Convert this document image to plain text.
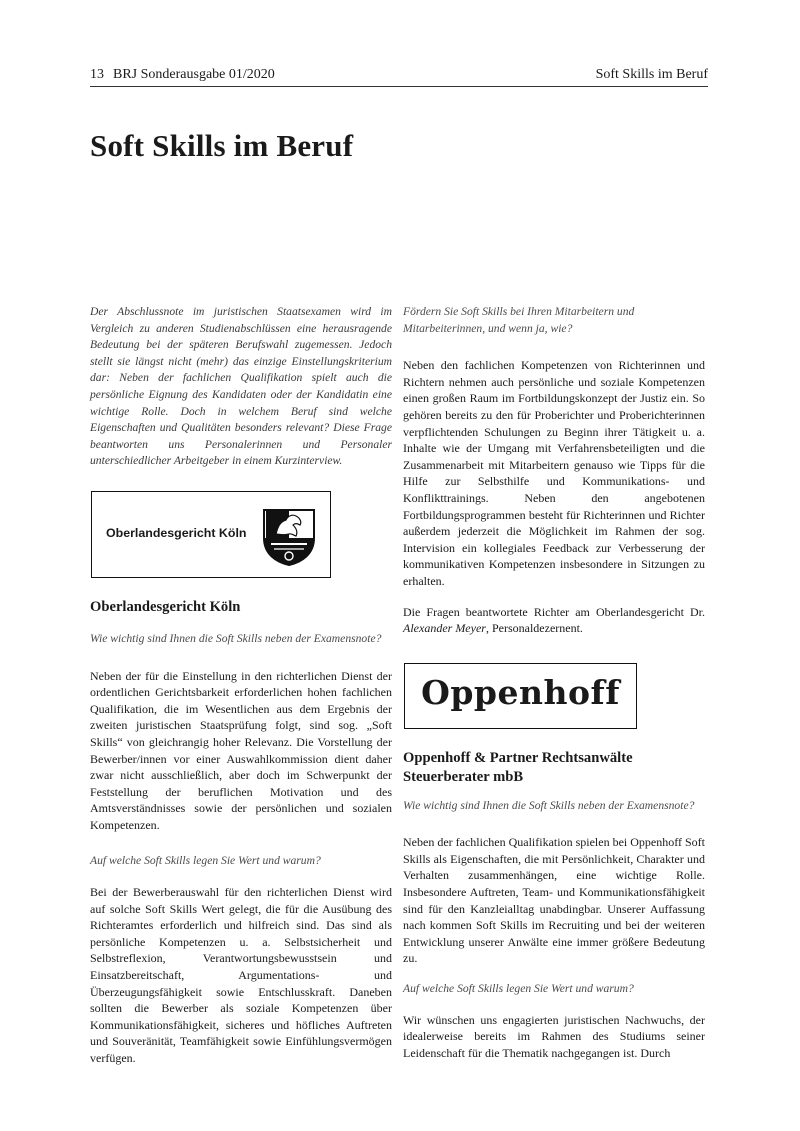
13 BRJ Sonderausgabe 01/2020	Soft Skills im Beruf
Soft Skills im Beruf

Der Abschlussnote im juristischen Staatsexamen wird im Vergleich zu anderen Studienabschlüssen eine herausragende Bedeutung bei der späteren Berufswahl zugemessen. Jedoch stellt sie längst nicht (mehr) das einzige Einstellungskriterium dar: Neben der fachlichen Qualifikation spielt auch die persönliche Eignung des Kandidaten oder der Kandidatin eine wichtige Rolle. Doch in welchem Beruf sind welche Eigenschaften und Qualitäten besonders relevant? Diese Frage beantworten uns Personalerinnen und Personaler unterschiedlicher Arbeitgeber in einem Kurzinterview.

Oberlandesgericht Köln

Oberlandesgericht Köln

Wie wichtig sind Ihnen die Soft Skills neben der Examensnote?

Neben der für die Einstellung in den richterlichen Dienst der ordentlichen Gerichtsbarkeit erforderlichen hohen fachlichen Qualifikation, die im Wesentlichen aus dem Ergebnis der zweiten juristischen Staatsprüfung folgt, sind sog. „Soft Skills“ von gleichrangig hoher Relevanz. Die Vorstellung der Bewerber/innen vor einer Auswahlkommission dient daher zwar nicht ausschließlich, aber doch im Schwerpunkt der Feststellung der beruflichen Motivation und des Amtsverständnisses sowie der persönlichen und sozialen Kompetenzen.

Auf welche Soft Skills legen Sie Wert und warum?

Bei der Bewerberauswahl für den richterlichen Dienst wird auf solche Soft Skills Wert gelegt, die für die Ausübung des Richteramtes erforderlich und hilfreich sind. Das sind als persönliche Kompetenzen u. a. Selbstsicherheit und Selbstreflexion, Verantwortungsbewusstsein und Einsatzbereitschaft, Argumentations- und Überzeugungsfähigkeit sowie Entschlusskraft. Daneben sollten die Bewerber als soziale Kompetenzen über Kommunikationsfähigkeit, sicheres und höfliches Auftreten und Souveränität, Teamfähigkeit sowie Einfühlungsvermögen verfügen.

Fördern Sie Soft Skills bei Ihren Mitarbeitern und Mitarbeiterinnen, und wenn ja, wie?

Neben den fachlichen Kompetenzen von Richterinnen und Richtern nehmen auch persönliche und soziale Kompetenzen einen großen Raum im Fortbildungskonzept der Justiz ein. So gehören bereits zu den für Proberichter und Proberichterinnen verpflichtenden Schulungen zu Beginn ihrer Tätigkeit u. a. Inhalte wie der Umgang mit Verfahrensbeteiligten und die Zusammenarbeit mit Mitarbeitern genauso wie Tipps für die Hilfe zur Selbsthilfe und Kommunikations- und Konflikttrainings. Neben den angebotenen Fortbildungsprogrammen besteht für Richterinnen und Richter außerdem jederzeit die Möglichkeit im Rahmen der sog. Intervision ein kollegiales Feedback zur Verbesserung der kommunikativen Kompetenzen insbesondere in Sitzungen zu erhalten.

Die Fragen beantwortete Richter am Oberlandesgericht Dr. Alexander Meyer, Personaldezernent.

Oppenhoff

Oppenhoff & Partner Rechtsanwälte Steuerberater mbB

Wie wichtig sind Ihnen die Soft Skills neben der Examensnote?

Neben der fachlichen Qualifikation spielen bei Oppenhoff Soft Skills als Eigenschaften, die mit Persönlichkeit, Charakter und Verhalten zusammenhängen, eine wichtige Rolle. Insbesondere Auftreten, Team- und Kommunikationsfähigkeit sind für den Kanzleialltag unabdingbar. Unserer Auffassung nach kommen Soft Skills im Recruiting und bei der weiteren Entwicklung unserer Anwälte eine immer größere Bedeutung zu.

Auf welche Soft Skills legen Sie Wert und warum?

Wir wünschen uns engagierten juristischen Nachwuchs, der idealerweise bereits im Rahmen des Studiums seiner Leidenschaft für die Thematik nachgegangen ist. Durch
